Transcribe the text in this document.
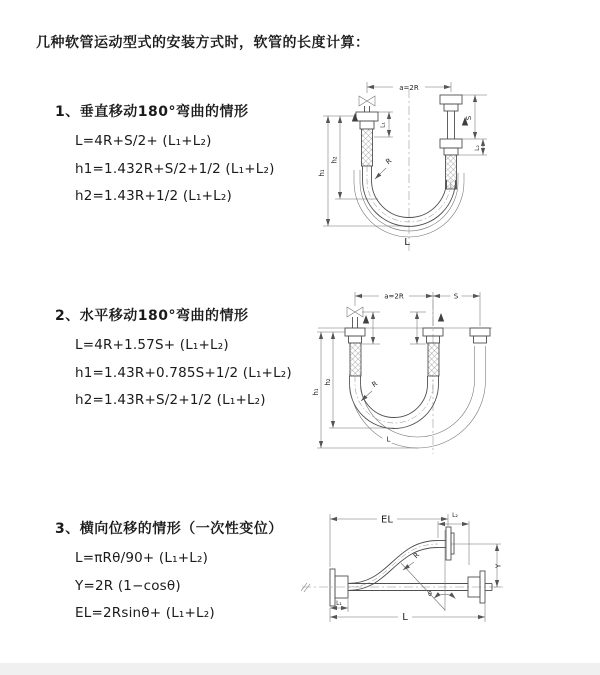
几种软管运动型式的安装方式时，软管的长度计算：

1、垂直移动180°弯曲的情形

L=4R+S/2+ (L₁+L₂)
h1=1.432R+S/2+1/2 (L₁+L₂)
h2=1.43R+1/2 (L₁+L₂)

2、水平移动180°弯曲的情形

L=4R+1.57S+ (L₁+L₂)
h1=1.43R+0.785S+1/2 (L₁+L₂)
h2=1.43R+S/2+1/2 (L₁+L₂)

3、横向位移的情形（一次性变位）

L=πRθ/90+ (L₁+L₂)
Y=2R (1−cosθ)
EL=2Rsinθ+ (L₁+L₂)
a=2R
h₁
h₂
L₁
S
L₂
R
L
a=2R	S
h₁
h₂	R
L
EL	L₂
Y
R
θ
L
L₁
